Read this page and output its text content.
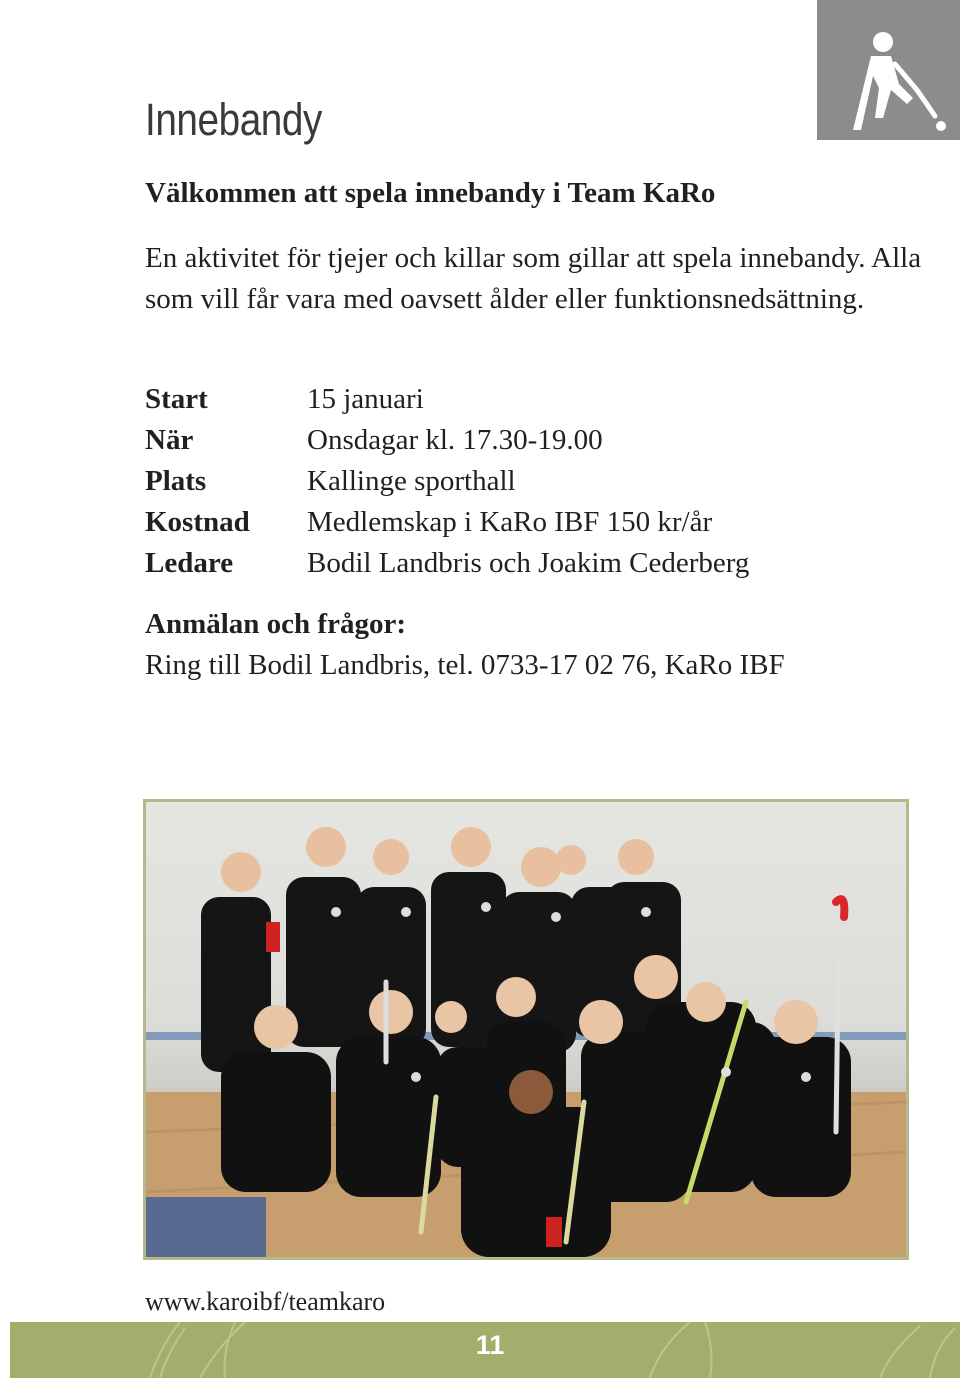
Innebandy
Välkommen att spela innebandy i Team KaRo

En aktivitet för tjejer och killar som gillar att spela innebandy. Alla som vill får vara med oavsett ålder eller funktionsnedsättning.

Start	15 januari
När	Onsdagar kl. 17.30-19.00
Plats	Kallinge sporthall
Kostnad	Medlemskap i KaRo IBF 150 kr/år
Ledare	Bodil Landbris och Joakim Cederberg

Anmälan och frågor:

Ring till Bodil Landbris, tel. 0733-17 02 76, KaRo IBF

www.karoibf/teamkaro

11
